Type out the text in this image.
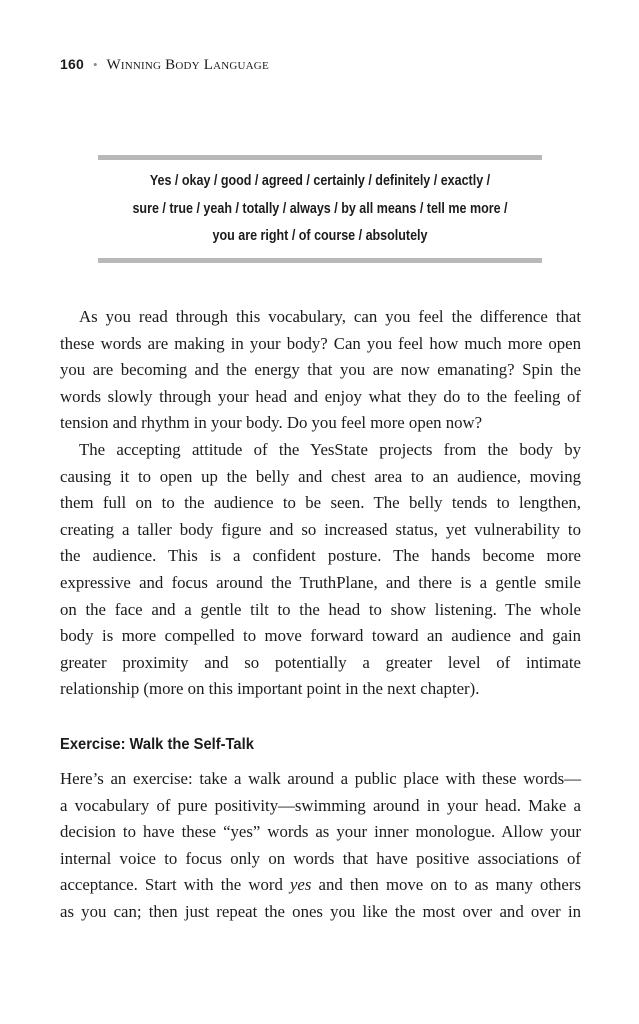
160 • Winning Body Language
Yes / okay / good / agreed / certainly / definitely / exactly /
sure / true / yeah / totally / always / by all means / tell me more /
you are right / of course / absolutely

As you read through this vocabulary, can you feel the difference that
these words are making in your body? Can you feel how much more open
you are becoming and the energy that you are now emanating? Spin the
words slowly through your head and enjoy what they do to the feeling of
tension and rhythm in your body. Do you feel more open now?

The accepting attitude of the YesState projects from the body by
causing it to open up the belly and chest area to an audience, moving
them full on to the audience to be seen. The belly tends to lengthen,
creating a taller body figure and so increased status, yet vulnerability to
the audience. This is a confident posture. The hands become more
expressive and focus around the TruthPlane, and there is a gentle smile
on the face and a gentle tilt to the head to show listening. The whole
body is more compelled to move forward toward an audience and gain
greater proximity and so potentially a greater level of intimate
relationship (more on this important point in the next chapter).

Exercise: Walk the Self-Talk

Here’s an exercise: take a walk around a public place with these words—
a vocabulary of pure positivity—swimming around in your head. Make a
decision to have these “yes” words as your inner monologue. Allow your
internal voice to focus only on words that have positive associations of
acceptance. Start with the word yes and then move on to as many others
as you can; then just repeat the ones you like the most over and over in
